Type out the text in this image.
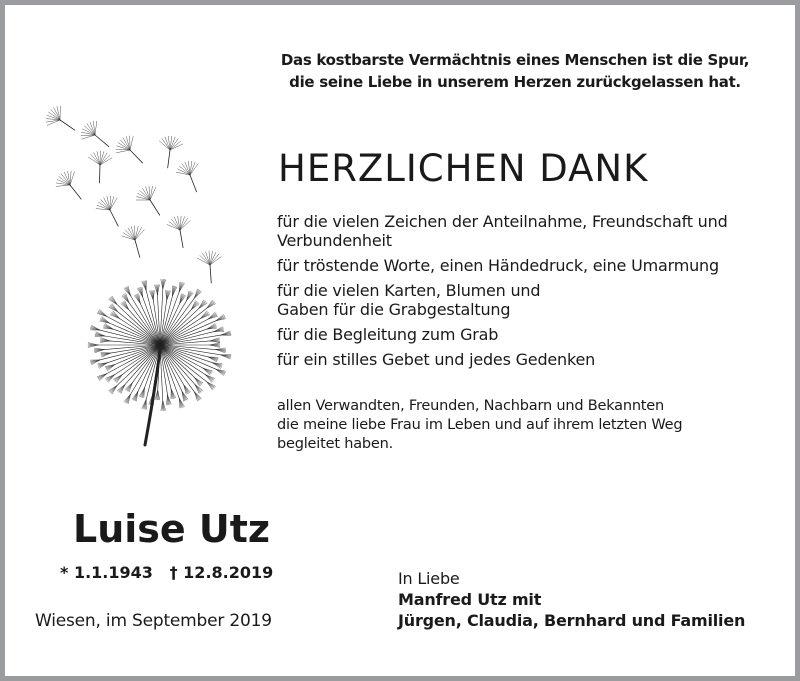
Das kostbarste Vermächtnis eines Menschen ist die Spur,
die seine Liebe in unserem Herzen zurückgelassen hat.
HERZLICHEN DANK
für die vielen Zeichen der Anteilnahme, Freundschaft und Verbundenheit
für tröstende Worte, einen Händedruck, eine Umarmung
für die vielen Karten, Blumen und Gaben für die Grabgestaltung
für die Begleitung zum Grab
für ein stilles Gebet und jedes Gedenken
allen Verwandten, Freunden, Nachbarn und Bekannten
die meine liebe Frau im Leben und auf ihrem letzten Weg
begleitet haben.
Luise Utz
* 1.1.1943   † 12.8.2019
Wiesen, im September 2019
In Liebe
Manfred Utz mit
Jürgen, Claudia, Bernhard und Familien
